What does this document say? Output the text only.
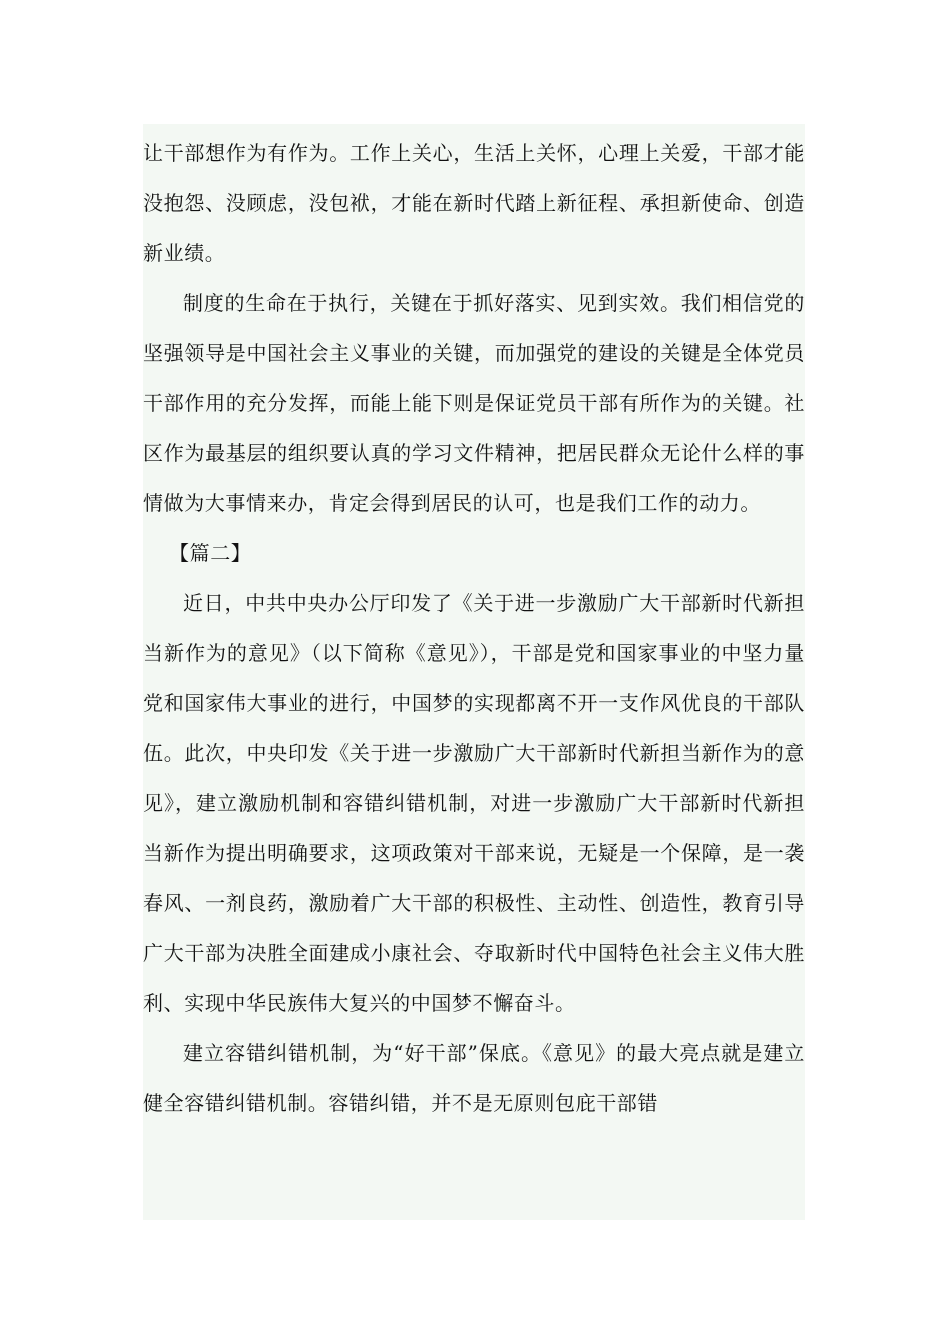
让干部想作为有作为。工作上关心，生活上关怀，心理上关爱，干部才能没抱怨、没顾虑，没包袱，才能在新时代踏上新征程、承担新使命、创造新业绩。

制度的生命在于执行，关键在于抓好落实、见到实效。我们相信党的坚强领导是中国社会主义事业的关键，而加强党的建设的关键是全体党员干部作用的充分发挥，而能上能下则是保证党员干部有所作为的关键。社区作为最基层的组织要认真的学习文件精神，把居民群众无论什么样的事情做为大事情来办，肯定会得到居民的认可，也是我们工作的动力。

【篇二】

近日，中共中央办公厅印发了《关于进一步激励广大干部新时代新担当新作为的意见》（以下简称《意见》），干部是党和国家事业的中坚力量党和国家伟大事业的进行，中国梦的实现都离不开一支作风优良的干部队伍。此次，中央印发《关于进一步激励广大干部新时代新担当新作为的意见》，建立激励机制和容错纠错机制，对进一步激励广大干部新时代新担当新作为提出明确要求，这项政策对干部来说，无疑是一个保障，是一袭春风、一剂良药，激励着广大干部的积极性、主动性、创造性，教育引导广大干部为决胜全面建成小康社会、夺取新时代中国特色社会主义伟大胜利、实现中华民族伟大复兴的中国梦不懈奋斗。

建立容错纠错机制，为“好干部”保底。《意见》的最大亮点就是建立健全容错纠错机制。容错纠错，并不是无原则包庇干部错
